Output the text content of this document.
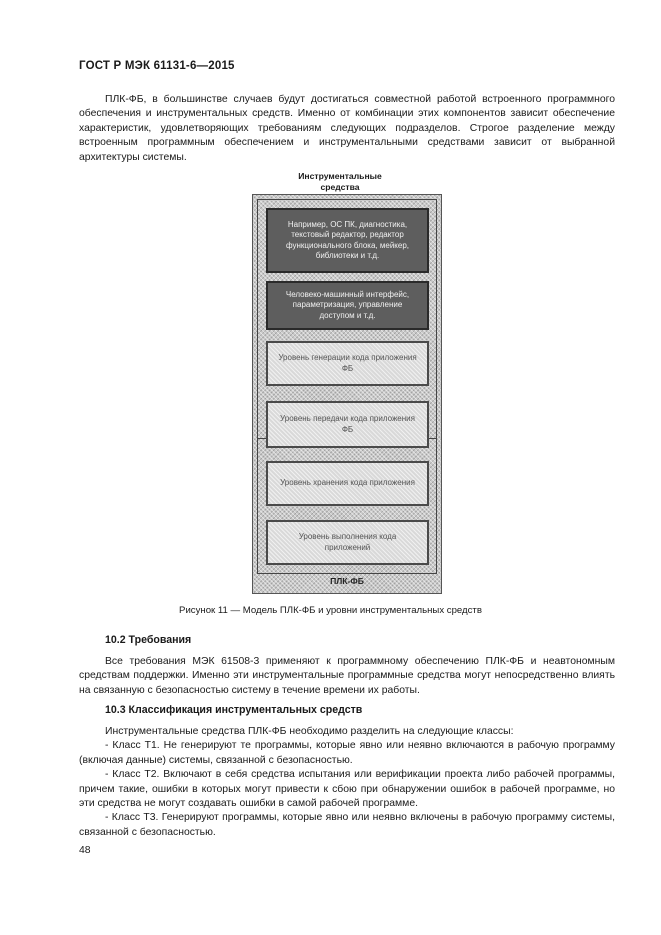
ГОСТ Р МЭК 61131-6—2015

ПЛК-ФБ, в большинстве случаев будут достигаться совместной работой встроенного программного обеспечения и инструментальных средств. Именно от комбинации этих компонентов зависит обеспечение характеристик, удовлетворяющих требованиям следующих подразделов. Строгое разделение между встроенным программным обеспечением и инструментальными средствами зависит от выбранной архитектуры системы.

Инструментальные средства
Например, ОС ПК, диагностика, текстовый редактор, редактор функционального блока, мейкер, библиотеки и т.д.
Человеко-машинный интерфейс, параметризация, управление доступом и т.д.
Уровень генерации кода приложения ФБ
Уровень передачи кода приложения ФБ
Уровень хранения кода приложения
Уровень выполнения кода приложений
ПЛК-ФБ
Рисунок 11 — Модель ПЛК-ФБ и уровни инструментальных средств
10.2 Требования

Все требования МЭК 61508-3 применяют к программному обеспечению ПЛК-ФБ и неавтономным средствам поддержки. Именно эти инструментальные программные средства могут непосредственно влиять на связанную с безопасностью систему в течение времени их работы.

10.3 Классификация инструментальных средств

Инструментальные средства ПЛК-ФБ необходимо разделить на следующие классы:

- Класс Т1. Не генерируют те программы, которые явно или неявно включаются в рабочую программу (включая данные) системы, связанной с безопасностью.

- Класс Т2. Включают в себя средства испытания или верификации проекта либо рабочей программы, причем такие, ошибки в которых могут привести к сбою при обнаружении ошибок в рабочей программе, но эти средства не могут создавать ошибки в самой рабочей программе.

- Класс Т3. Генерируют программы, которые явно или неявно включены в рабочую программу системы, связанной с безопасностью.

48
